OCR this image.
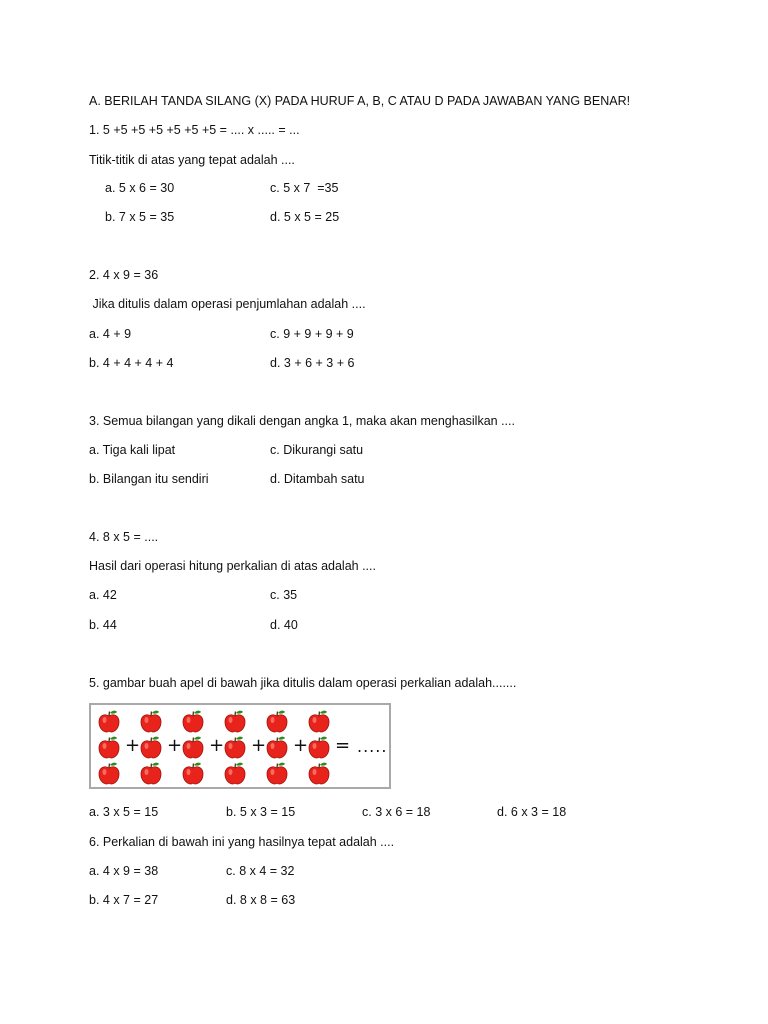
A. BERILAH TANDA SILANG (X) PADA HURUF A, B, C ATAU D PADA JAWABAN YANG BENAR!
1. 5 +5 +5 +5 +5 +5 +5 = .... x ..... = ...
Titik-titik di atas yang tepat adalah ....
a. 5 x 6 = 30	c. 5 x 7  =35
b. 7 x 5 = 35	d. 5 x 5 = 25
2. 4 x 9 = 36
Jika ditulis dalam operasi penjumlahan adalah ....
a. 4 + 9	c. 9 + 9 + 9 + 9
b. 4 + 4 + 4 + 4	d. 3 + 6 + 3 + 6
3. Semua bilangan yang dikali dengan angka 1, maka akan menghasilkan ....
a. Tiga kali lipat	c. Dikurangi satu
b. Bilangan itu sendiri	d. Ditambah satu
4. 8 x 5 = ....
Hasil dari operasi hitung perkalian di atas adalah ....
a. 42	c. 35
b. 44	d. 40
5. gambar buah apel di bawah jika ditulis dalam operasi perkalian adalah.......
+ + + + + = .....
a. 3 x 5 = 15	b. 5 x 3 = 15	c. 3 x 6 = 18	d. 6 x 3 = 18
6. Perkalian di bawah ini yang hasilnya tepat adalah ....
a. 4 x 9 = 38	c. 8 x 4 = 32
b. 4 x 7 = 27	d. 8 x 8 = 63
